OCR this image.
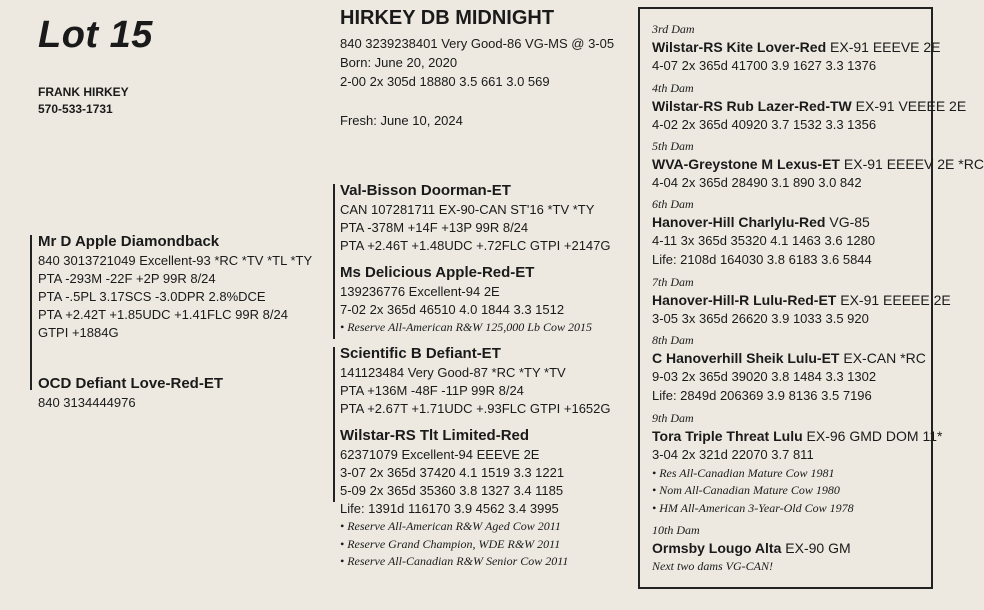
Lot 15
FRANK HIRKEY
570-533-1731
Mr D Apple Diamondback
840 3013721049 Excellent-93 *RC *TV *TL *TY
PTA -293M -22F +2P 99R 8/24
PTA -.5PL 3.17SCS -3.0DPR 2.8%DCE
PTA +2.42T +1.85UDC +1.41FLC 99R 8/24
GTPI +1884G
OCD Defiant Love-Red-ET
840 3134444976
HIRKEY DB MIDNIGHT
840 3239238401 Very Good-86 VG-MS @ 3-05
Born: June 20, 2020
2-00 2x 305d 18880 3.5 661 3.0 569
Fresh: June 10, 2024
Val-Bisson Doorman-ET
CAN 107281711 EX-90-CAN ST'16 *TV *TY
PTA -378M +14F +13P 99R 8/24
PTA +2.46T +1.48UDC +.72FLC GTPI +2147G
Ms Delicious Apple-Red-ET
139236776 Excellent-94 2E
7-02 2x 365d 46510 4.0 1844 3.3 1512
• Reserve All-American R&W 125,000 Lb Cow 2015
Scientific B Defiant-ET
141123484 Very Good-87 *RC *TY *TV
PTA +136M -48F -11P 99R 8/24
PTA +2.67T +1.71UDC +.93FLC GTPI +1652G
Wilstar-RS Tlt Limited-Red
62371079 Excellent-94 EEEVE 2E
3-07 2x 365d 37420 4.1 1519 3.3 1221
5-09 2x 365d 35360 3.8 1327 3.4 1185
Life: 1391d 116170 3.9 4562 3.4 3995
• Reserve All-American R&W Aged Cow 2011
• Reserve Grand Champion, WDE R&W 2011
• Reserve All-Canadian R&W Senior Cow 2011
3rd Dam
Wilstar-RS Kite Lover-Red EX-91 EEEVE 2E
4-07 2x 365d 41700 3.9 1627 3.3 1376
4th Dam
Wilstar-RS Rub Lazer-Red-TW EX-91 VEEEE 2E
4-02 2x 365d 40920 3.7 1532 3.3 1356
5th Dam
WVA-Greystone M Lexus-ET EX-91 EEEEV 2E *RC
4-04 2x 365d 28490 3.1 890 3.0 842
6th Dam
Hanover-Hill Charlylu-Red VG-85
4-11 3x 365d 35320 4.1 1463 3.6 1280
Life: 2108d 164030 3.8 6183 3.6 5844
7th Dam
Hanover-Hill-R Lulu-Red-ET EX-91 EEEEE 2E
3-05 3x 365d 26620 3.9 1033 3.5 920
8th Dam
C Hanoverhill Sheik Lulu-ET EX-CAN *RC
9-03 2x 365d 39020 3.8 1484 3.3 1302
Life: 2849d 206369 3.9 8136 3.5 7196
9th Dam
Tora Triple Threat Lulu EX-96 GMD DOM 11*
3-04 2x 321d 22070 3.7 811
• Res All-Canadian Mature Cow 1981
• Nom All-Canadian Mature Cow 1980
• HM All-American 3-Year-Old Cow 1978
10th Dam
Ormsby Lougo Alta EX-90 GM
Next two dams VG-CAN!
